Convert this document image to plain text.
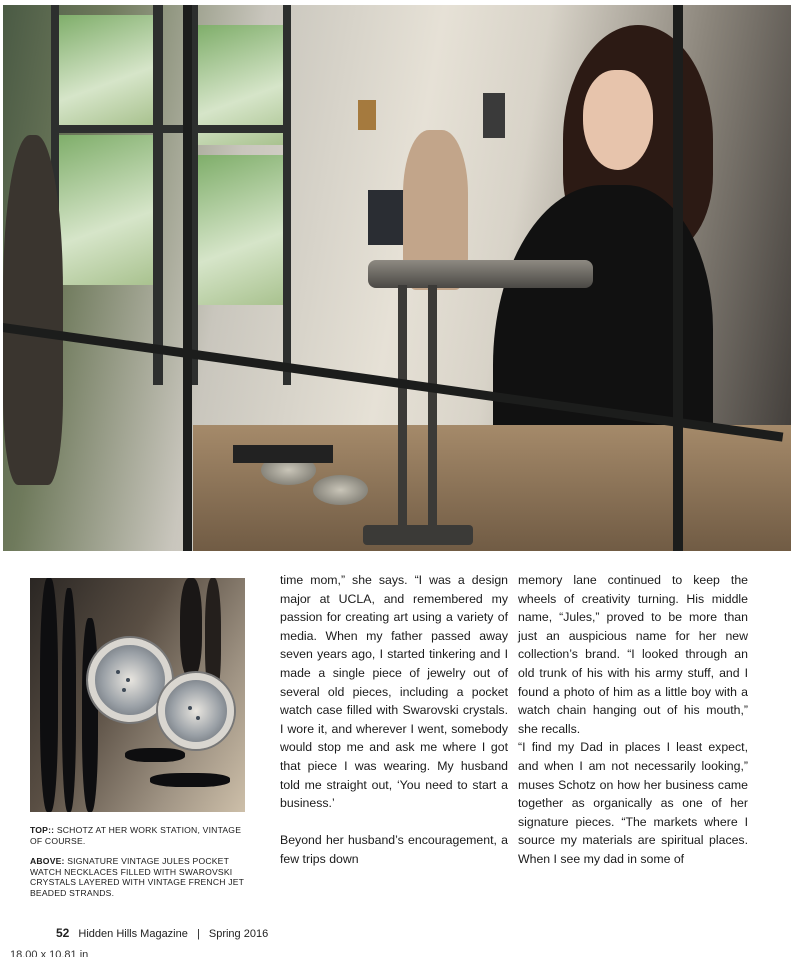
TOP:: SCHOTZ AT HER WORK STATION, VINTAGE OF COURSE.
ABOVE: SIGNATURE VINTAGE JULES POCKET WATCH NECKLACES FILLED WITH SWAROVSKI CRYSTALS LAYERED WITH VINTAGE FRENCH JET BEADED STRANDS.

time mom,” she says. “I was a design major at UCLA, and remembered my passion for creating art using a variety of media. When my father passed away seven years ago, I started tinkering and I made a single piece of jewelry out of several old pieces, including a pocket watch case filled with Swarovski crystals. I wore it, and wherever I went, somebody would stop me and ask me where I got that piece I was wearing. My husband told me straight out, ‘You need to start a business.’

Beyond her husband’s encouragement, a few trips down

memory lane continued to keep the wheels of creativity turning. His middle name, “Jules,” proved to be more than just an auspicious name for her new collection’s brand. “I looked through an old trunk of his with his army stuff, and I found a photo of him as a little boy with a watch chain hanging out of his mouth,” she recalls.

“I find my Dad in places I least expect, and when I am not necessarily looking,” muses Schotz on how her business came together as organically as one of her signature pieces. “The markets where I source my materials are spiritual places. When I see my dad in some of

52 Hidden Hills Magazine | Spring 2016
18.00 x 10.81 in
